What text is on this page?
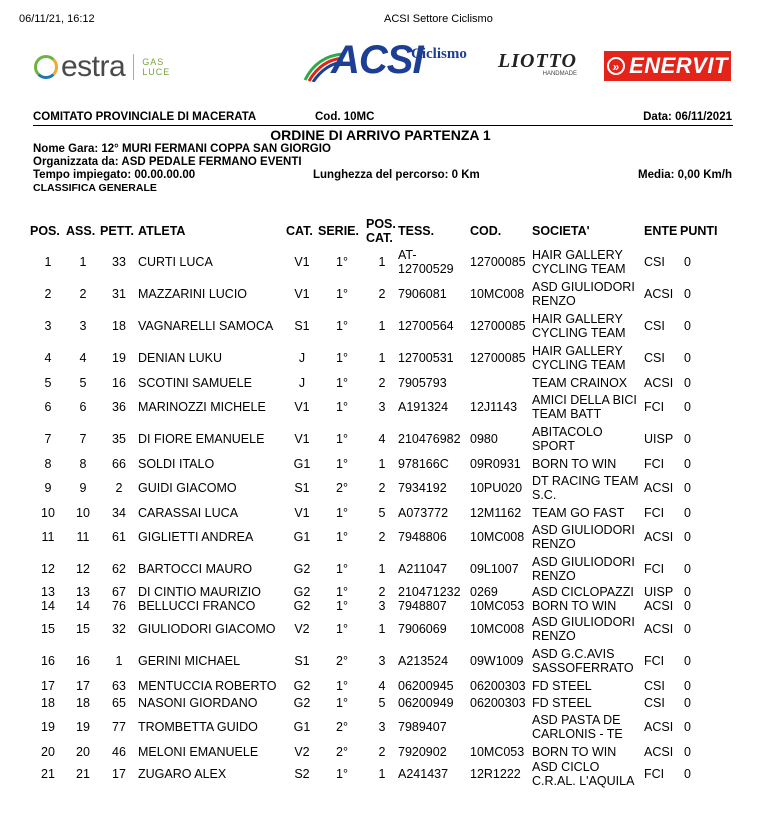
06/11/21, 16:12	ACSI Settore Ciclismo
estra GAS
LUCE	ACSI
Ciclismo LIOTTO
HANDMADE	» ENERVIT
COMITATO PROVINCIALE DI MACERATA	Cod. 10MC	Data: 06/11/2021
ORDINE DI ARRIVO PARTENZA 1
Nome Gara: 12° MURI FERMANI COPPA SAN GIORGIO
Organizzata da: ASD PEDALE FERMANO EVENTI
Tempo impiegato: 00.00.00.00	Lunghezza del percorso: 0 Km	Media: 0,00 Km/h
CLASSIFICA GENERALE
POS.	ASS.	PETT.	ATLETA	CAT.	SERIE.	POS. CAT.	TESS.	COD.	SOCIETA'	ENTE	PUNTI
1	1	33	CURTI LUCA	V1	1°	1	AT-12700529	12700085	HAIR GALLERY CYCLING TEAM	CSI	0
2	2	31	MAZZARINI LUCIO	V1	1°	2	7906081	10MC008	ASD GIULIODORI RENZO	ACSI	0
3	3	18	VAGNARELLI SAMOCA	S1	1°	1	12700564	12700085	HAIR GALLERY CYCLING TEAM	CSI	0
4	4	19	DENIAN LUKU	J	1°	1	12700531	12700085	HAIR GALLERY CYCLING TEAM	CSI	0
5	5	16	SCOTINI SAMUELE	J	1°	2	7905793		TEAM CRAINOX	ACSI	0
6	6	36	MARINOZZI MICHELE	V1	1°	3	A191324	12J1143	AMICI DELLA BICI TEAM BATT	FCI	0
7	7	35	DI FIORE EMANUELE	V1	1°	4	210476982	0980	ABITACOLO SPORT	UISP	0
8	8	66	SOLDI ITALO	G1	1°	1	978166C	09R0931	BORN TO WIN	FCI	0
9	9	2	GUIDI GIACOMO	S1	2°	2	7934192	10PU020	DT RACING TEAM S.C.	ACSI	0
10	10	34	CARASSAI LUCA	V1	1°	5	A073772	12M1162	TEAM GO FAST	FCI	0
11	11	61	GIGLIETTI ANDREA	G1	1°	2	7948806	10MC008	ASD GIULIODORI RENZO	ACSI	0
12	12	62	BARTOCCI MAURO	G2	1°	1	A211047	09L1007	ASD GIULIODORI RENZO	FCI	0
13	13	67	DI CINTIO MAURIZIO	G2	1°	2	210471232	0269	ASD CICLOPAZZI	UISP	0
14	14	76	BELLUCCI FRANCO	G2	1°	3	7948807	10MC053	BORN TO WIN	ACSI	0
15	15	32	GIULIODORI GIACOMO	V2	1°	1	7906069	10MC008	ASD GIULIODORI RENZO	ACSI	0
16	16	1	GERINI MICHAEL	S1	2°	3	A213524	09W1009	ASD G.C.AVIS SASSOFERRATO	FCI	0
17	17	63	MENTUCCIA ROBERTO	G2	1°	4	06200945	06200303	FD STEEL	CSI	0
18	18	65	NASONI GIORDANO	G2	1°	5	06200949	06200303	FD STEEL	CSI	0
19	19	77	TROMBETTA GUIDO	G1	2°	3	7989407		ASD PASTA DE CARLONIS - TE	ACSI	0
20	20	46	MELONI EMANUELE	V2	2°	2	7920902	10MC053	BORN TO WIN	ACSI	0
21	21	17	ZUGARO ALEX	S2	1°	1	A241437	12R1222	ASD CICLO C.R.AL. L'AQUILA	FCI	0
